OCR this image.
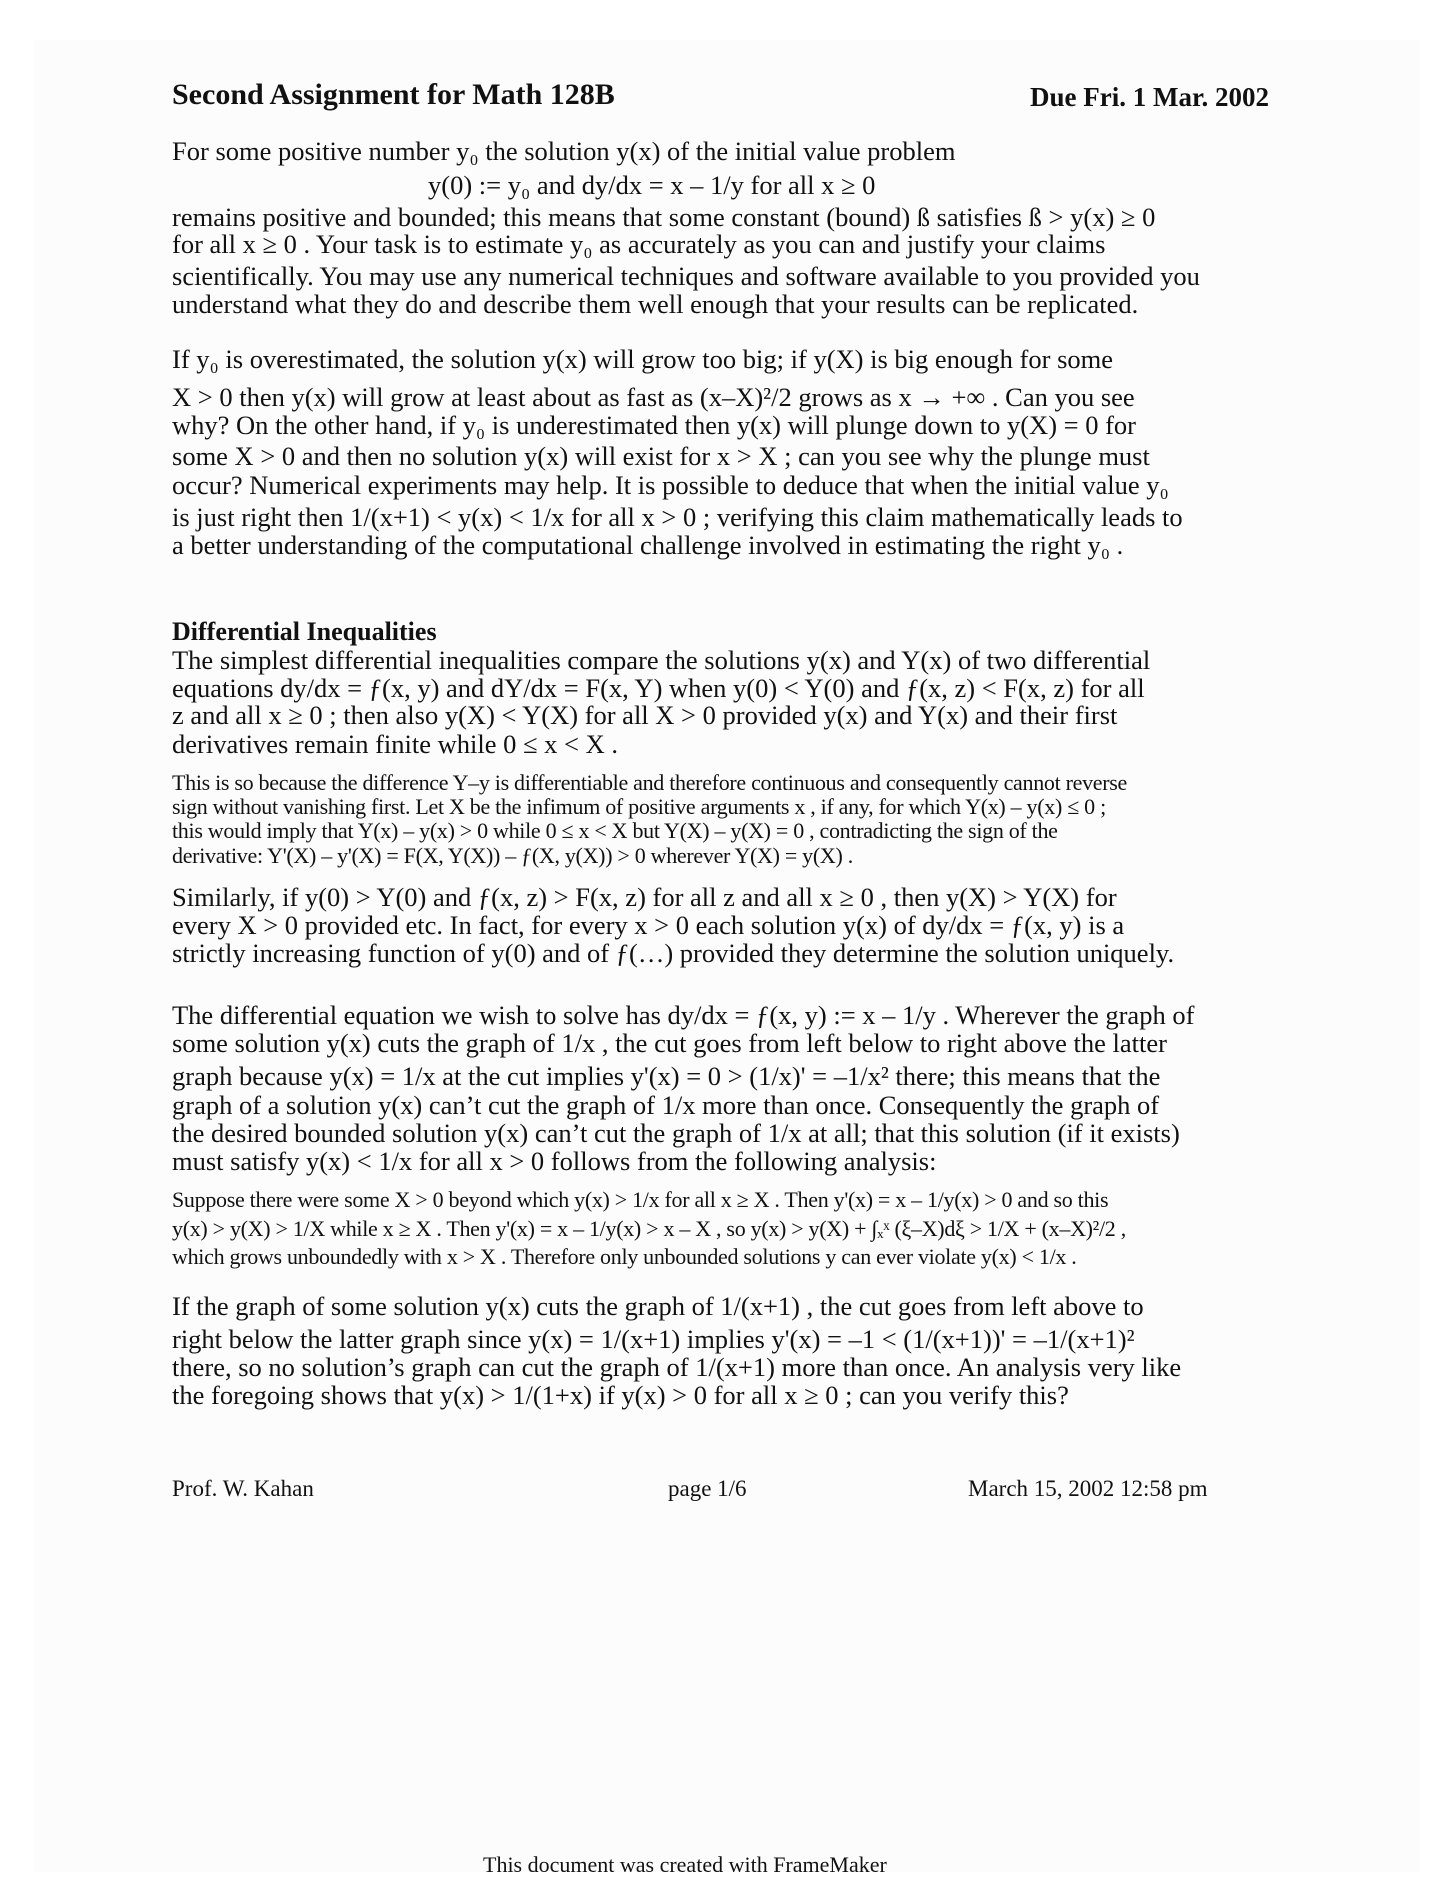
Second Assignment for Math 128B	Due Fri. 1 Mar. 2002
For some positive number y₀ the solution y(x) of the initial value problem
y(0) := y₀ and dy/dx = x – 1/y for all x ≥ 0
remains positive and bounded; this means that some constant (bound) ß satisfies ß > y(x) ≥ 0
for all x ≥ 0 . Your task is to estimate y₀ as accurately as you can and justify your claims
scientifically. You may use any numerical techniques and software available to you provided you
understand what they do and describe them well enough that your results can be replicated.
If y₀ is overestimated, the solution y(x) will grow too big; if y(X) is big enough for some
X > 0 then y(x) will grow at least about as fast as (x–X)²/2 grows as x → +∞ . Can you see
why? On the other hand, if y₀ is underestimated then y(x) will plunge down to y(X) = 0 for
some X > 0 and then no solution y(x) will exist for x > X ; can you see why the plunge must
occur? Numerical experiments may help. It is possible to deduce that when the initial value y₀
is just right then 1/(x+1) < y(x) < 1/x for all x > 0 ; verifying this claim mathematically leads to
a better understanding of the computational challenge involved in estimating the right y₀ .
Differential Inequalities
The simplest differential inequalities compare the solutions y(x) and Y(x) of two differential
equations dy/dx = ƒ(x, y) and dY/dx = F(x, Y) when y(0) < Y(0) and ƒ(x, z) < F(x, z) for all
z and all x ≥ 0 ; then also y(X) < Y(X) for all X > 0 provided y(x) and Y(x) and their first
derivatives remain finite while 0 ≤ x < X .
This is so because the difference Y–y is differentiable and therefore continuous and consequently cannot reverse
sign without vanishing first. Let X be the infimum of positive arguments x , if any, for which Y(x) – y(x) ≤ 0 ;
this would imply that Y(x) – y(x) > 0 while 0 ≤ x < X but Y(X) – y(X) = 0 , contradicting the sign of the
derivative: Y'(X) – y'(X) = F(X, Y(X)) – ƒ(X, y(X)) > 0 wherever Y(X) = y(X) .
Similarly, if y(0) > Y(0) and ƒ(x, z) > F(x, z) for all z and all x ≥ 0 , then y(X) > Y(X) for
every X > 0 provided etc. In fact, for every x > 0 each solution y(x) of dy/dx = ƒ(x, y) is a
strictly increasing function of y(0) and of ƒ(…) provided they determine the solution uniquely.
The differential equation we wish to solve has dy/dx = ƒ(x, y) := x – 1/y . Wherever the graph of
some solution y(x) cuts the graph of 1/x , the cut goes from left below to right above the latter
graph because y(x) = 1/x at the cut implies y'(x) = 0 > (1/x)' = –1/x² there; this means that the
graph of a solution y(x) can’t cut the graph of 1/x more than once. Consequently the graph of
the desired bounded solution y(x) can’t cut the graph of 1/x at all; that this solution (if it exists)
must satisfy y(x) < 1/x for all x > 0 follows from the following analysis:
Suppose there were some X > 0 beyond which y(x) > 1/x for all x ≥ X . Then y'(x) = x – 1/y(x) > 0 and so this
y(x) > y(X) > 1/X while x ≥ X . Then y'(x) = x – 1/y(x) > x – X , so y(x) > y(X) + ∫ₓˣ (ξ–X)dξ > 1/X + (x–X)²/2 ,
which grows unboundedly with x > X . Therefore only unbounded solutions y can ever violate y(x) < 1/x .
If the graph of some solution y(x) cuts the graph of 1/(x+1) , the cut goes from left above to
right below the latter graph since y(x) = 1/(x+1) implies y'(x) = –1 < (1/(x+1))' = –1/(x+1)²
there, so no solution’s graph can cut the graph of 1/(x+1) more than once. An analysis very like
the foregoing shows that y(x) > 1/(1+x) if y(x) > 0 for all x ≥ 0 ; can you verify this?
Prof. W. Kahan	page 1/6	March 15, 2002 12:58 pm
This document was created with FrameMaker
